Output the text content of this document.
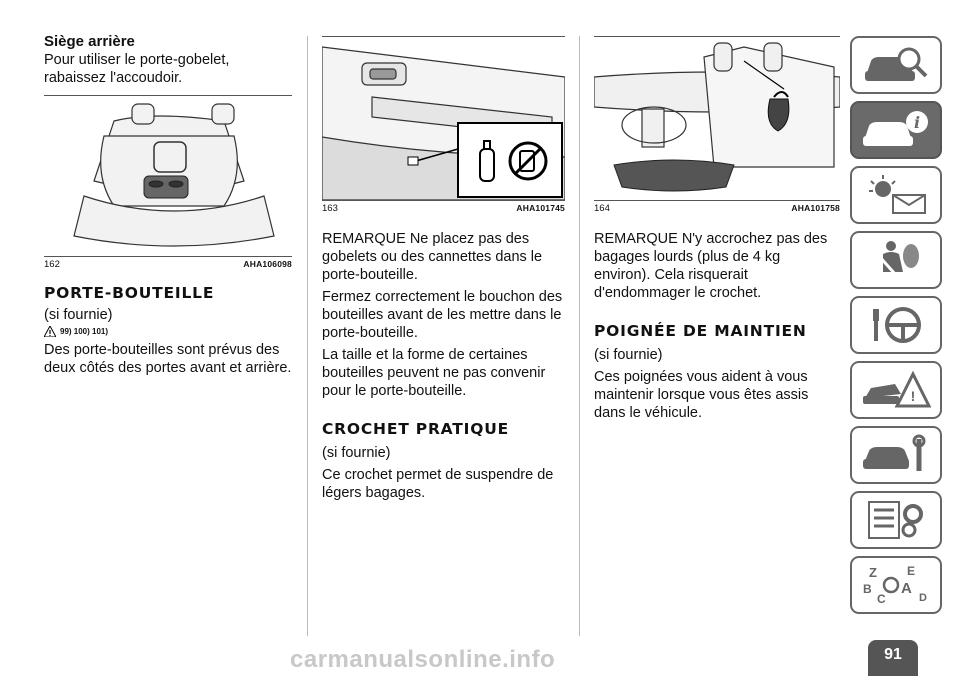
Siège arrière

Pour utiliser le porte-gobelet, rabaissez l'accoudoir.

162	AHA106098

PORTE-BOUTEILLE

(si fournie)

99) 100) 101)

Des porte-bouteilles sont prévus des deux côtés des portes avant et arrière.

163	AHA101745

REMARQUE Ne placez pas des gobelets ou des cannettes dans le porte-bouteille.

Fermez correctement le bouchon des bouteilles avant de les mettre dans le porte-bouteille.

La taille et la forme de certaines bouteilles peuvent ne pas convenir pour le porte-bouteille.

CROCHET PRATIQUE

(si fournie)

Ce crochet permet de suspendre de légers bagages.

164	AHA101758

REMARQUE N'y accrochez pas des bagages lourds (plus de 4 kg environ). Cela risquerait d'endommager le crochet.

POIGNÉE DE MAINTIEN

(si fournie)

Ces poignées vous aident à vous maintenir lorsque vous êtes assis dans le véhicule.

i
!
Z	E
B A
C	D
91
carmanualsonline.info
